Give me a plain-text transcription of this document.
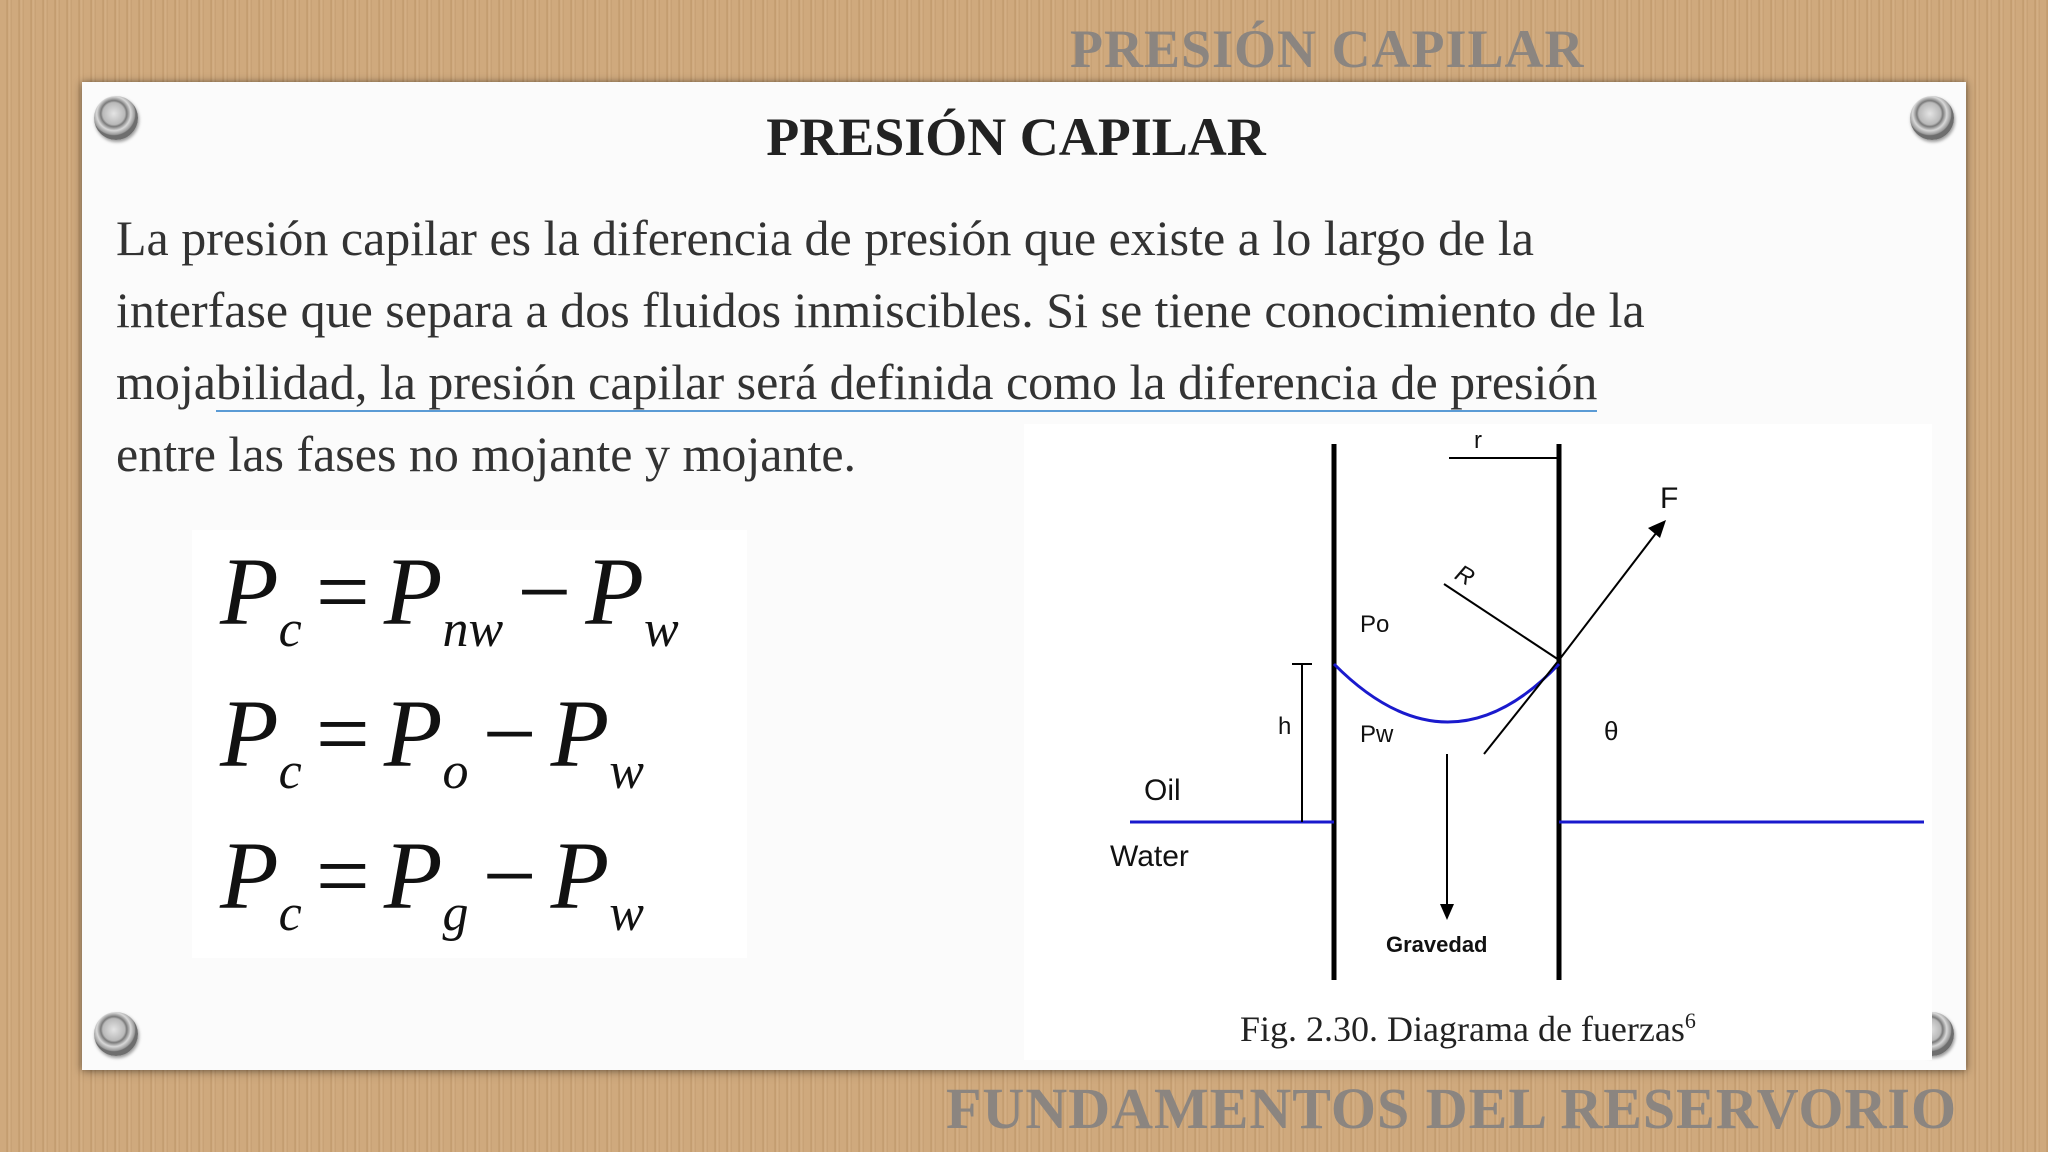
PRESIÓN CAPILAR
PRESIÓN CAPILAR
La presión capilar es la diferencia de presión que existe a lo largo de la
interfase que separa a dos fluidos inmiscibles. Si se tiene conocimiento de la
mojabilidad, la presión capilar será definida como la diferencia de presión
entre las fases no mojante y mojante.
$P_c = P_{nw} - P_w$
$P_c = P_o - P_w$
$P_c = P_g - P_w$
r
F
R
Po
Pw
h	θ
Oil
Water
Gravedad
Fig. 2.30. Diagrama de fuerzas$^6$
FUNDAMENTOS DEL RESERVORIO
